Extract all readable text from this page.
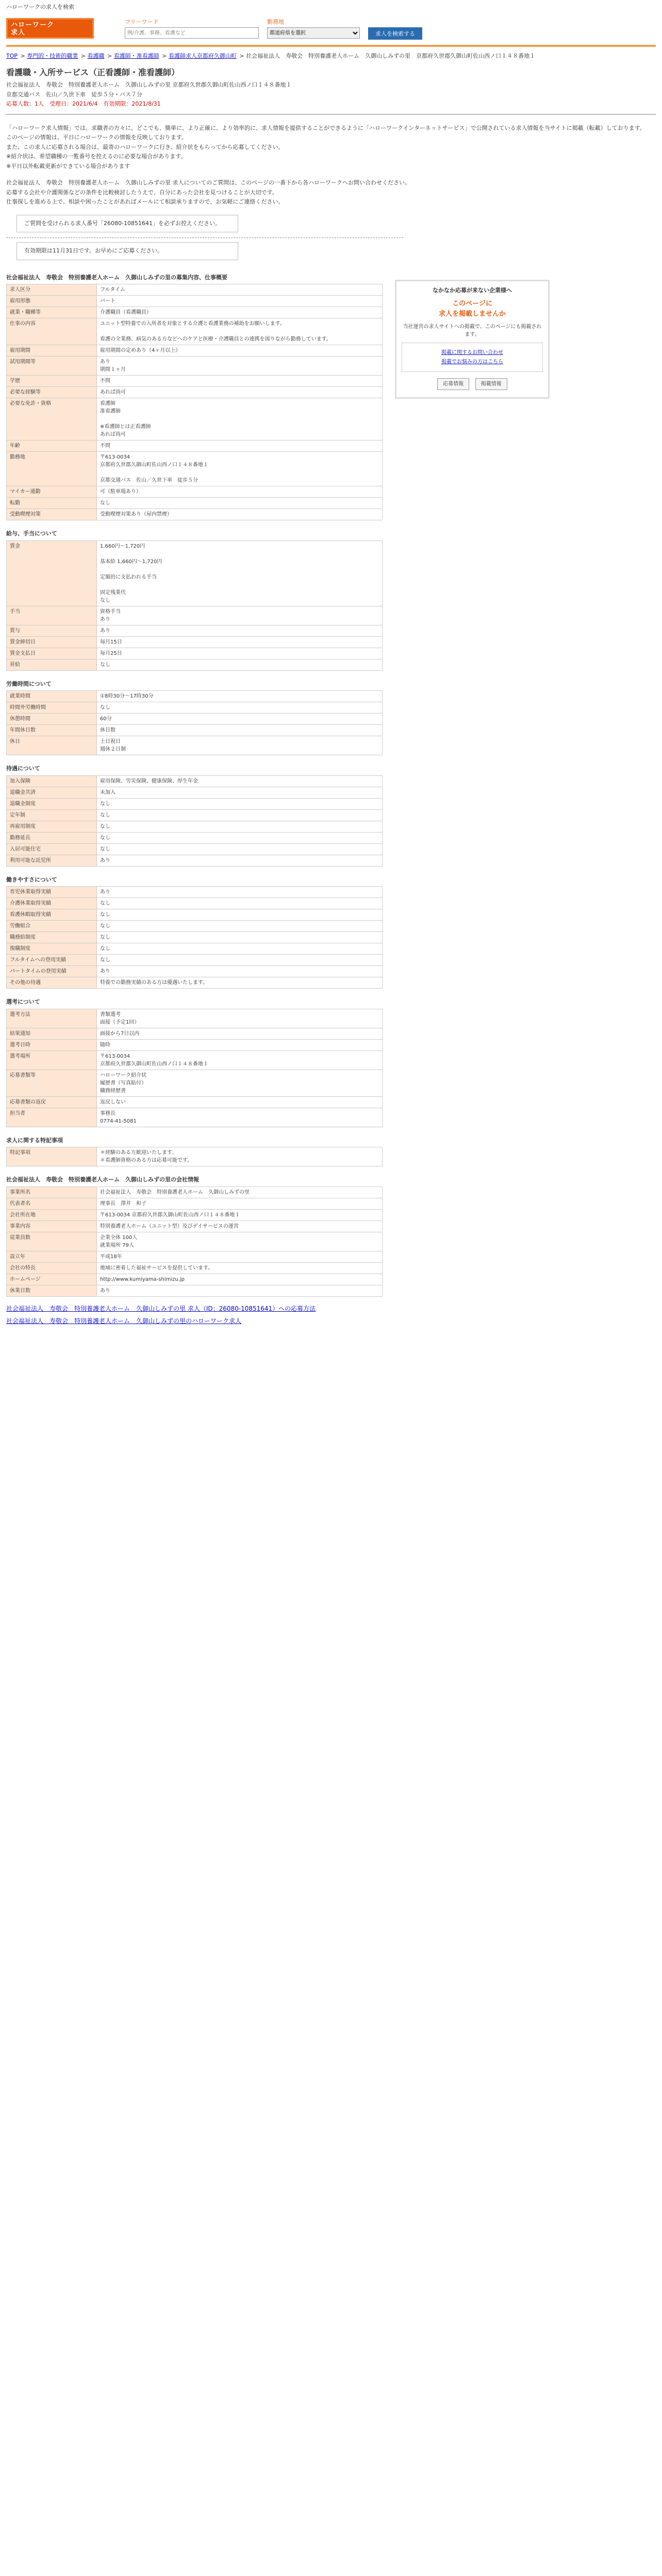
ハローワークの求人を検索
ハローワーク
求人
フリーワード
例/介護、事務、看護など	勤務地
都道府県を選択
求人を検索する
TOP > 専門的・技術的職業 > 看護職 > 看護師・准看護師 > 看護師求人京都府久御山町 > 社会福祉法人　寿敬会　特別養護老人ホーム　久御山しみずの里　京都府久世郡久御山町佐山西ノ口１４８番地１
看護職・入所サービス（正看護師・准看護師）
社会福祉法人　寿敬会　特別養護老人ホーム　久御山しみずの里 京都府久世郡久御山町佐山西ノ口１４８番地１
京都交通バス　佐山／久世下車　徒歩５分・バス７分
応募人数：1人　受理日：2021/6/4　有効期限：2021/8/31

「ハローワーク求人情報」では、求職者の方々に、どこでも、簡単に、より正確に、より効率的に、求人情報を提供することができるように「ハローワークインターネットサービス」で公開されている求人情報を当サイトに掲載（転載）しております。

このページの情報は、平日にハローワークの情報を反映しております。

また、この求人に応募される場合は、最寄のハローワークに行き、紹介状をもらってから応募してください。

※紹介状は、希望職種の一覧番号を控えるのに必要な場合があります。

※平日以外転載更新ができている場合があります

社会福祉法人　寿敬会　特別養護老人ホーム　久御山しみずの里 求人についてのご質問は、このページの一番下から各ハローワークへお問い合わせください。

応募する会社や介護関係などの条件を比較検討したうえで、自分にあった会社を見つけることが大切です。

仕事探しを進める上で、相談や困ったことがあればメールにて相談承りますので、お気軽にご連絡ください。

ご質問を受けられる求人番号「26080-10851641」を必ずお控えください。
有効期限は11月31日です。お早めにご応募ください。
社会福祉法人　寿敬会　特別養護老人ホーム　久御山しみずの里の募集内容、仕事概要
求人区分	フルタイム
雇用形態	パート
就業・職種等	介護職員（看護職員）
仕事の内容	ユニット型特養での入所者を対象とする介護と看護業務の補助をお願いします。

看護の全業務、病気のある方などへのケアと医療・介護職員との連携を図りながら勤務しています。
雇用期間	雇用期間の定めあり（4ヶ月以上）
試用期間等	あり
期間１ヶ月
学歴	不問
必要な経験等	あれば尚可
必要な免許・資格	看護師
准看護師

※看護師とは正看護師
あれば尚可
年齢	不問
勤務地	〒613-0034
京都府久世郡久御山町佐山西ノ口１４８番地１

京都交通バス　佐山／久世下車　徒歩５分
マイカー通勤	可（駐車場あり）
転勤	なし
受動喫煙対策	受動喫煙対策あり（屋内禁煙）
給与、手当について
賃金	1,660円〜1,720円

基本給 1,660円〜1,720円

定額的に支払われる手当

固定残業代
なし
手当	資格手当
あり
賞与	あり
賃金締切日	毎月15日
賃金支払日	毎月25日
昇給	なし
労働時間について
就業時間	①8時30分〜17時30分
時間外労働時間	なし
休憩時間	60分
年間休日数	休日数
休日	土日祝日
週休２日制
待遇について
加入保険	雇用保険、労災保険、健康保険、厚生年金
退職金共済	未加入
退職金制度	なし
定年制	なし
再雇用制度	なし
勤務延長	なし
入居可能住宅	なし
利用可能な託児所	あり
働きやすさについて
育児休業取得実績	あり
介護休業取得実績	なし
看護休暇取得実績	なし
労働組合	なし
職務給制度	なし
復職制度	なし
フルタイムへの登用実績	なし
パートタイムの登用実績	あり
その他の待遇	特養での勤務実績のある方は優遇いたします。
選考について
選考方法	書類選考
面接（予定1回）
結果通知	面接から7日以内
選考日時	随時
選考場所	〒613-0034
京都府久世郡久御山町佐山西ノ口１４８番地１
応募書類等	ハローワーク紹介状
履歴書（写真貼付）
職務経歴書
応募書類の返戻	返戻しない
担当者	事務長
0774-41-5081
求人に関する特記事項
特記事項	＊経験のある方歓迎いたします。
＊看護師資格のある方は応募可能です。
社会福祉法人　寿敬会　特別養護老人ホーム　久御山しみずの里の会社情報
事業所名	社会福祉法人　寿敬会　特別養護老人ホーム　久御山しみずの里
代表者名	理事長　澤井　和子
会社所在地	〒613-0034 京都府久世郡久御山町佐山西ノ口１４８番地１
事業内容	特別養護老人ホーム（ユニット型）及びデイサービスの運営
従業員数	企業全体 100人
就業場所 79人
設立年	平成18年
会社の特長	地域に密着した福祉サービスを提供しています。
ホームページ	http://www.kumiyama-shimizu.jp
休業日数	あり
社会福祉法人　寿敬会　特別養護老人ホーム　久御山しみずの里 求人（ID：26080-10851641）への応募方法
社会福祉法人　寿敬会　特別養護老人ホーム　久御山しみずの里のハローワーク求人
なかなか応募が来ない企業様へ
このページに
求人を掲載しませんか
当社運営の求人サイトへの掲載で、このページにも掲載されます。
掲載に関するお問い合わせ
掲載でお悩みの方はこちら
応募情報	掲載情報
